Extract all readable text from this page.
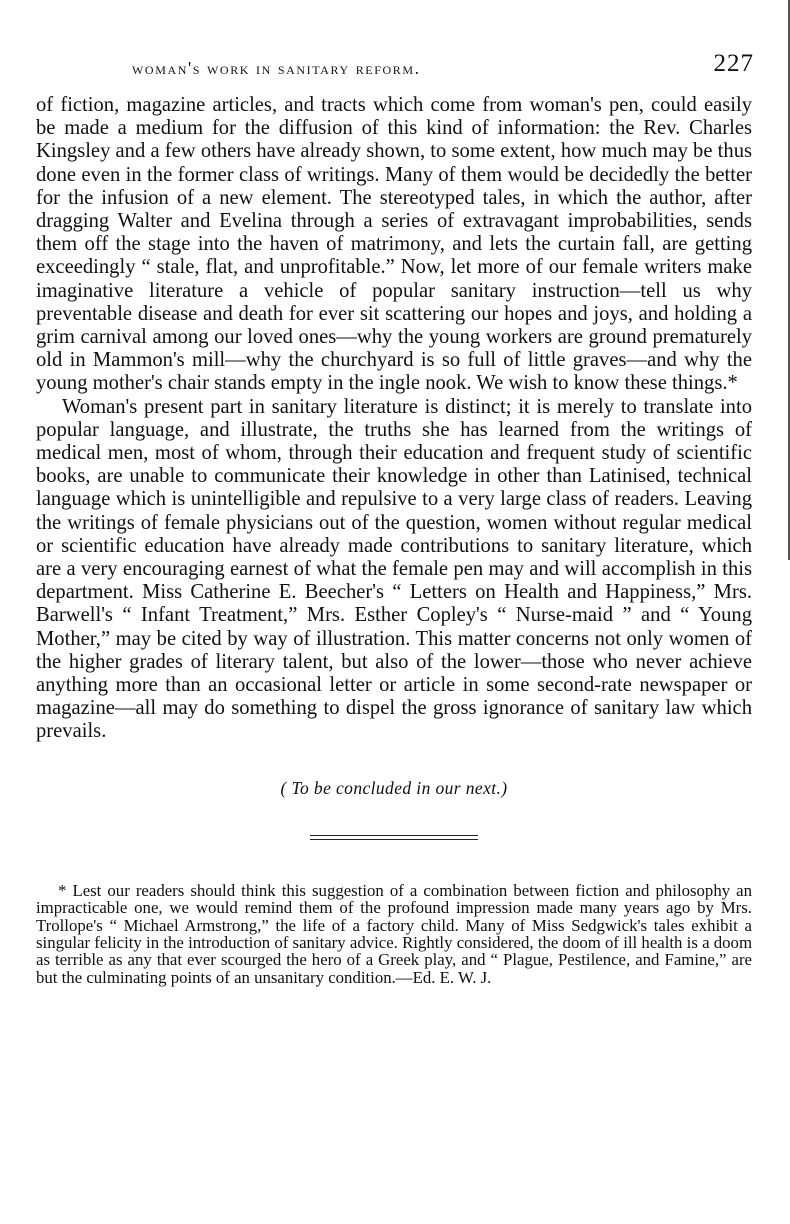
woman's work in sanitary reform.	227

of fiction, magazine articles, and tracts which come from woman's pen, could easily be made a medium for the diffusion of this kind of information: the Rev. Charles Kingsley and a few others have already shown, to some extent, how much may be thus done even in the former class of writings. Many of them would be decidedly the better for the infusion of a new element. The stereotyped tales, in which the author, after dragging Walter and Evelina through a series of extravagant improbabilities, sends them off the stage into the haven of matrimony, and lets the curtain fall, are getting exceedingly “ stale, flat, and unprofitable.” Now, let more of our female writers make imaginative literature a vehicle of popular sanitary instruction—tell us why preventable disease and death for ever sit scattering our hopes and joys, and holding a grim carnival among our loved ones—why the young workers are ground prematurely old in Mammon's mill—why the churchyard is so full of little graves—and why the young mother's chair stands empty in the ingle nook. We wish to know these things.*

Woman's present part in sanitary literature is distinct; it is merely to translate into popular language, and illustrate, the truths she has learned from the writings of medical men, most of whom, through their education and frequent study of scientific books, are unable to communicate their knowledge in other than Latinised, technical language which is unintelligible and repulsive to a very large class of readers. Leaving the writings of female physicians out of the question, women without regular medical or scientific education have already made contributions to sanitary literature, which are a very encouraging earnest of what the female pen may and will accomplish in this department. Miss Catherine E. Beecher's “ Letters on Health and Happiness,” Mrs. Barwell's “ Infant Treatment,” Mrs. Esther Copley's “ Nurse-maid ” and “ Young Mother,” may be cited by way of illustration. This matter concerns not only women of the higher grades of literary talent, but also of the lower—those who never achieve anything more than an occasional letter or article in some second-rate newspaper or magazine—all may do something to dispel the gross ignorance of sanitary law which prevails.

( To be concluded in our next.)

* Lest our readers should think this suggestion of a combination between fiction and philosophy an impracticable one, we would remind them of the profound impression made many years ago by Mrs. Trollope's “ Michael Armstrong,” the life of a factory child. Many of Miss Sedgwick's tales exhibit a singular felicity in the introduction of sanitary advice. Rightly considered, the doom of ill health is a doom as terrible as any that ever scourged the hero of a Greek play, and “ Plague, Pestilence, and Famine,” are but the culminating points of an unsanitary condition.—Ed. E. W. J.
